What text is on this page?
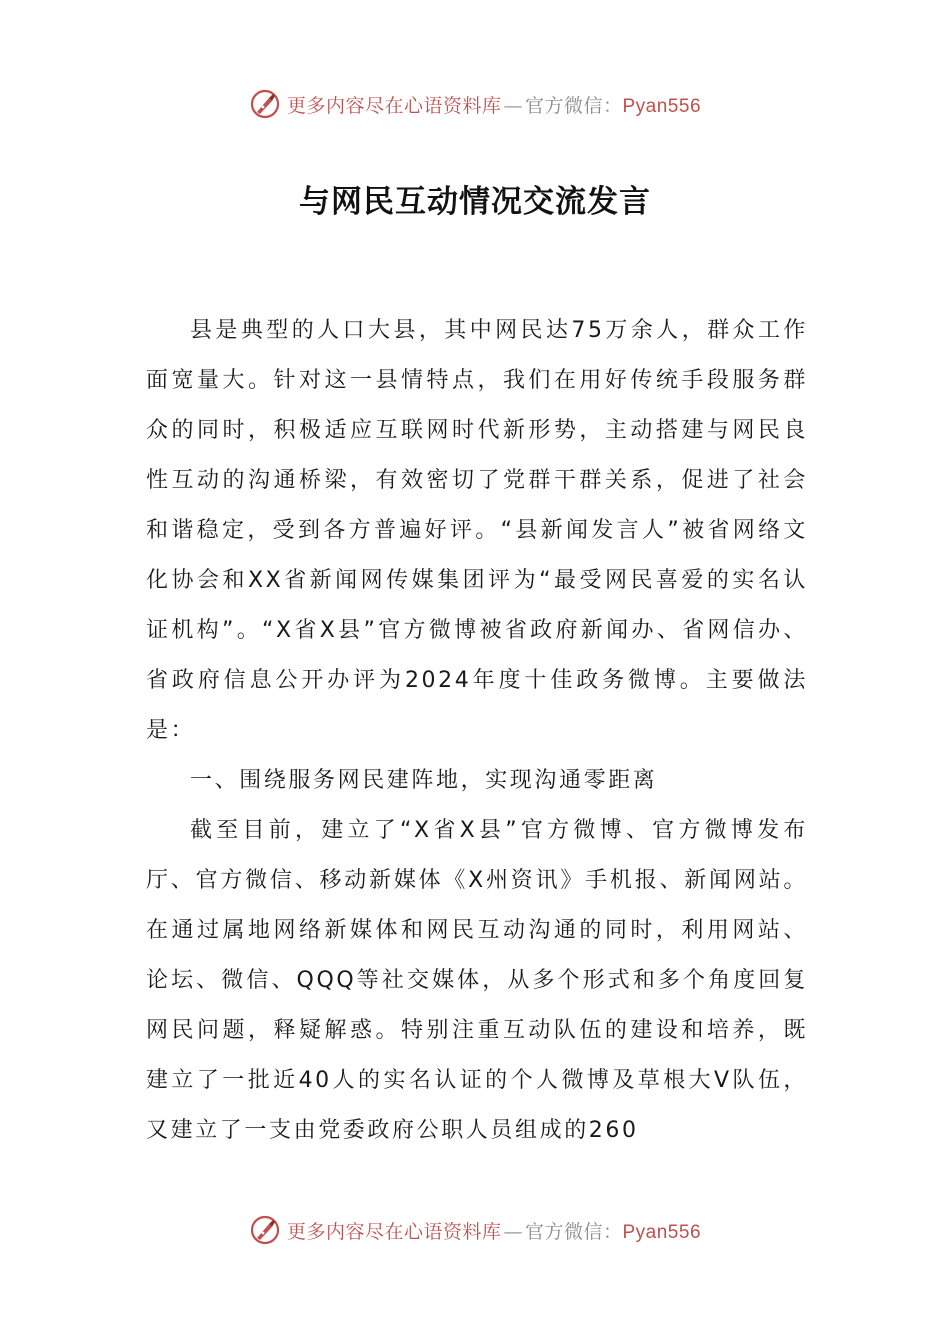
更多内容尽在心语资料库 — 官方微信：Pyan556
与网民互动情况交流发言

县是典型的人口大县，其中网民达75万余人，群众工作面宽量大。针对这一县情特点，我们在用好传统手段服务群众的同时，积极适应互联网时代新形势，主动搭建与网民良性互动的沟通桥梁，有效密切了党群干群关系，促进了社会和谐稳定，受到各方普遍好评。“县新闻发言人”被省网络文化协会和XX省新闻网传媒集团评为“最受网民喜爱的实名认证机构”。“X省X县”官方微博被省政府新闻办、省网信办、省政府信息公开办评为2024年度十佳政务微博。主要做法是：

一、围绕服务网民建阵地，实现沟通零距离

截至目前，建立了“X省X县”官方微博、官方微博发布厅、官方微信、移动新媒体《X州资讯》手机报、新闻网站。在通过属地网络新媒体和网民互动沟通的同时，利用网站、论坛、微信、QQQ等社交媒体，从多个形式和多个角度回复网民问题，释疑解惑。特别注重互动队伍的建设和培养，既建立了一批近40人的实名认证的个人微博及草根大V队伍，又建立了一支由党委政府公职人员组成的260

更多内容尽在心语资料库 — 官方微信：Pyan556
